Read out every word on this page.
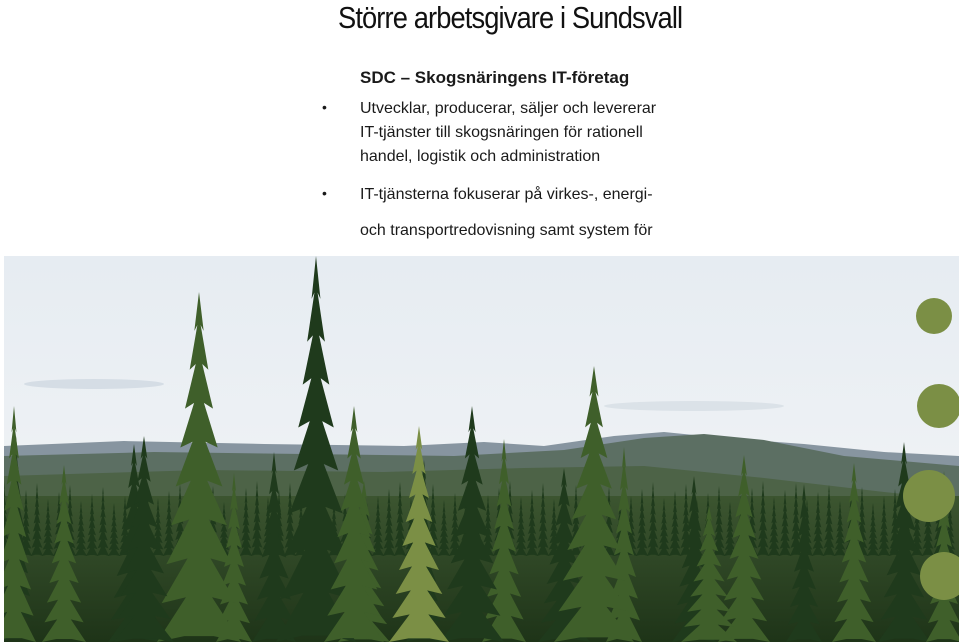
Större arbetsgivare i Sundsvall
SDC – Skogsnäringens IT-företag
• Utvecklar, producerar, säljer och levererar
IT-tjänster till skogsnäringen för rationell
handel, logistik och administration
• IT-tjänsterna fokuserar på virkes-, energi-
och transportredovisning samt system för
